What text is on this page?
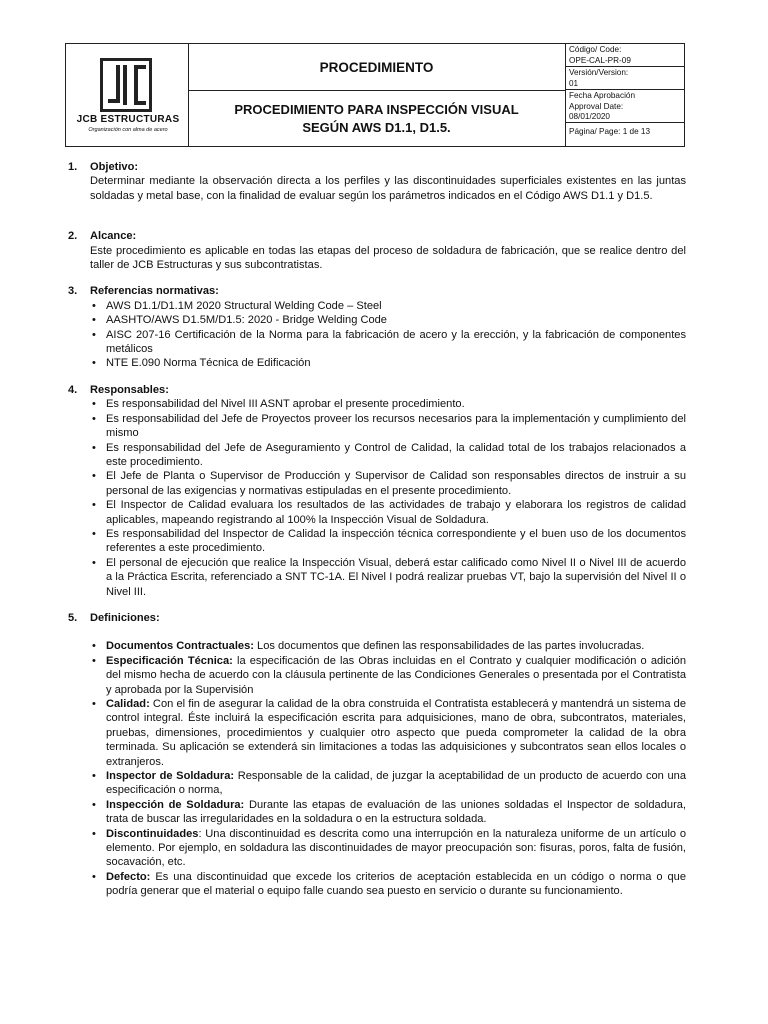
JCB ESTRUCTURAS
Organización con alma de acero
PROCEDIMIENTO
PROCEDIMIENTO PARA INSPECCIÓN VISUAL
SEGÚN AWS D1.1, D1.5.
Código/ Code:
OPE-CAL-PR-09
Versión/Version:
01
Fecha Aprobación
Approval Date:
08/01/2020
Página/ Page: 1 de 13
1. Objetivo:
Determinar mediante la observación directa a los perfiles y las discontinuidades superficiales existentes en las juntas soldadas y metal base, con la finalidad de evaluar según los parámetros indicados en el Código AWS D1.1 y D1.5.
2. Alcance:
Este procedimiento es aplicable en todas las etapas del proceso de soldadura de fabricación, que se realice dentro del taller de JCB Estructuras y sus subcontratistas.
3. Referencias normativas:
• AWS D1.1/D1.1M 2020 Structural Welding Code – Steel
• AASHTO/AWS D1.5M/D1.5: 2020 - Bridge Welding Code
• AISC 207-16 Certificación de la Norma para la fabricación de acero y la erección, y la fabricación de componentes metálicos
• NTE E.090 Norma Técnica de Edificación
4. Responsables:
• Es responsabilidad del Nivel III ASNT aprobar el presente procedimiento.
• Es responsabilidad del Jefe de Proyectos proveer los recursos necesarios para la implementación y cumplimiento del mismo
• Es responsabilidad del Jefe de Aseguramiento y Control de Calidad, la calidad total de los trabajos relacionados a este procedimiento.
• El Jefe de Planta o Supervisor de Producción y Supervisor de Calidad son responsables directos de instruir a su personal de las exigencias y normativas estipuladas en el presente procedimiento.
• El Inspector de Calidad evaluara los resultados de las actividades de trabajo y elaborara los registros de calidad aplicables, mapeando registrando al 100% la Inspección Visual de Soldadura.
• Es responsabilidad del Inspector de Calidad la inspección técnica correspondiente y el buen uso de los documentos referentes a este procedimiento.
• El personal de ejecución que realice la Inspección Visual, deberá estar calificado como Nivel II o Nivel III de acuerdo a la Práctica Escrita, referenciado a SNT TC-1A. El Nivel I podrá realizar pruebas VT, bajo la supervisión del Nivel II o Nivel III.
5. Definiciones:
• Documentos Contractuales: Los documentos que definen las responsabilidades de las partes involucradas.
• Especificación Técnica: la especificación de las Obras incluidas en el Contrato y cualquier modificación o adición del mismo hecha de acuerdo con la cláusula pertinente de las Condiciones Generales o presentada por el Contratista y aprobada por la Supervisión
• Calidad: Con el fin de asegurar la calidad de la obra construida el Contratista establecerá y mantendrá un sistema de control integral. Éste incluirá la especificación escrita para adquisiciones, mano de obra, subcontratos, materiales, pruebas, dimensiones, procedimientos y cualquier otro aspecto que pueda comprometer la calidad de la obra terminada. Su aplicación se extenderá sin limitaciones a todas las adquisiciones y subcontratos sean ellos locales o extranjeros.
• Inspector de Soldadura: Responsable de la calidad, de juzgar la aceptabilidad de un producto de acuerdo con una especificación o norma,
• Inspección de Soldadura: Durante las etapas de evaluación de las uniones soldadas el Inspector de soldadura, trata de buscar las irregularidades en la soldadura o en la estructura soldada.
• Discontinuidades: Una discontinuidad es descrita como una interrupción en la naturaleza uniforme de un artículo o elemento. Por ejemplo, en soldadura las discontinuidades de mayor preocupación son: fisuras, poros, falta de fusión, socavación, etc.
• Defecto: Es una discontinuidad que excede los criterios de aceptación establecida en un código o norma o que podría generar que el material o equipo falle cuando sea puesto en servicio o durante su funcionamiento.
